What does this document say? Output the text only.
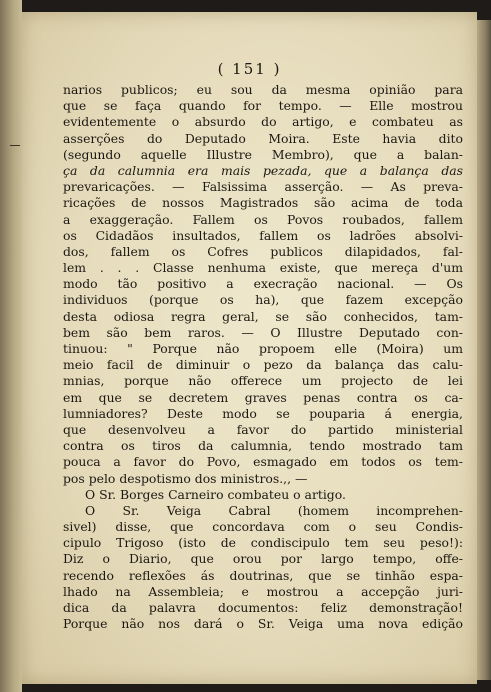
( 151 )
narios publicos; eu sou da mesma opinião para
que se faça quando for tempo. — Elle mostrou
evidentemente o absurdo do artigo, e combateu as
asserções do Deputado Moira. Este havia dito
(segundo aquelle Illustre Membro), que a balan-
ça da calumnia era mais pezada, que a balança das
prevaricações. — Falsissima asserção. — As preva-
ricações de nossos Magistrados são acima de toda
a exaggeração. Fallem os Povos roubados, fallem
os Cidadãos insultados, fallem os ladrões absolvi-
dos, fallem os Cofres publicos dilapidados, fal-
lem . . . Classe nenhuma existe, que mereça d'um
modo tão positivo a execração nacional. — Os
individuos (porque os ha), que fazem excepção
desta odiosa regra geral, se são conhecidos, tam-
bem são bem raros. — O Illustre Deputado con-
tinuou: " Porque não propoem elle (Moira) um
meio facil de diminuir o pezo da balança das calu-
mnias, porque não offerece um projecto de lei
em que se decretem graves penas contra os ca-
lumniadores? Deste modo se pouparia á energia,
que desenvolveu a favor do partido ministerial
contra os tiros da calumnia, tendo mostrado tam
pouca a favor do Povo, esmagado em todos os tem-
pos pelo despotismo dos ministros.,, —
O Sr. Borges Carneiro combateu o artigo.
O Sr. Veiga Cabral (homem incomprehen-
sivel) disse, que concordava com o seu Condis-
cipulo Trigoso (isto de condiscipulo tem seu peso!):
Diz o Diario, que orou por largo tempo, offe-
recendo reflexões ás doutrinas, que se tinhão espa-
lhado na Assembleia; e mostrou a accepção juri-
dica da palavra documentos: feliz demonstração!
Porque não nos dará o Sr. Veiga uma nova edição
